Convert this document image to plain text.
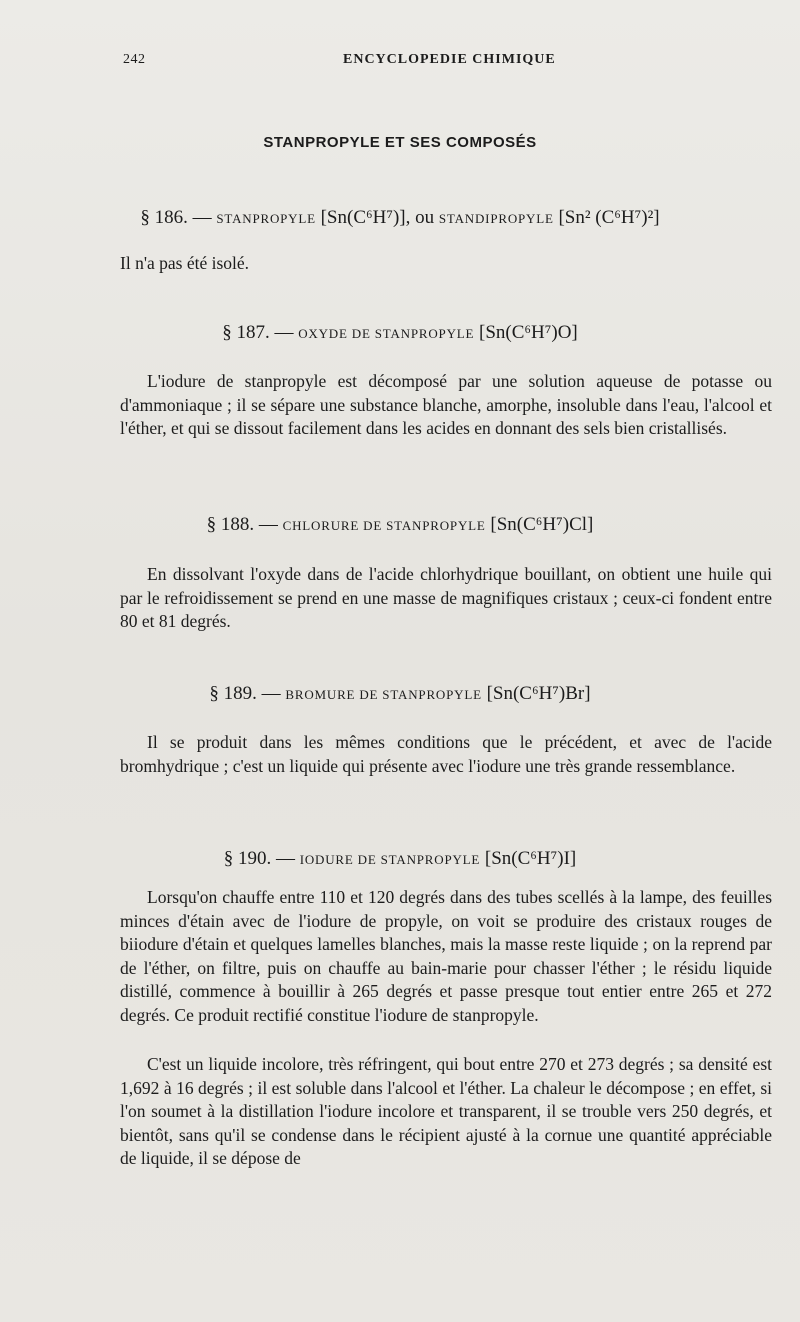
242	ENCYCLOPEDIE CHIMIQUE
STANPROPYLE ET SES COMPOSÉS
§ 186. — STANPROPYLE [Sn(C⁶H⁷)], ou STANDIPROPYLE [Sn² (C⁶H⁷)²]
Il n'a pas été isolé.
§ 187. — OXYDE DE STANPROPYLE [Sn(C⁶H⁷)O]
L'iodure de stanpropyle est décomposé par une solution aqueuse de potasse ou d'ammoniaque ; il se sépare une substance blanche, amorphe, insoluble dans l'eau, l'alcool et l'éther, et qui se dissout facilement dans les acides en donnant des sels bien cristallisés.
§ 188. — CHLORURE DE STANPROPYLE [Sn(C⁶H⁷)Cl]
En dissolvant l'oxyde dans de l'acide chlorhydrique bouillant, on obtient une huile qui par le refroidissement se prend en une masse de magnifiques cristaux ; ceux-ci fondent entre 80 et 81 degrés.
§ 189. — BROMURE DE STANPROPYLE [Sn(C⁶H⁷)Br]
Il se produit dans les mêmes conditions que le précédent, et avec de l'acide bromhydrique ; c'est un liquide qui présente avec l'iodure une très grande ressemblance.
§ 190. — IODURE DE STANPROPYLE [Sn(C⁶H⁷)I]
Lorsqu'on chauffe entre 110 et 120 degrés dans des tubes scellés à la lampe, des feuilles minces d'étain avec de l'iodure de propyle, on voit se produire des cristaux rouges de biiodure d'étain et quelques lamelles blanches, mais la masse reste liquide ; on la reprend par de l'éther, on filtre, puis on chauffe au bain-marie pour chasser l'éther ; le résidu liquide distillé, commence à bouillir à 265 degrés et passe presque tout entier entre 265 et 272 degrés. Ce produit rectifié constitue l'iodure de stanpropyle.
C'est un liquide incolore, très réfringent, qui bout entre 270 et 273 degrés ; sa densité est 1,692 à 16 degrés ; il est soluble dans l'alcool et l'éther. La chaleur le décompose ; en effet, si l'on soumet à la distillation l'iodure incolore et transparent, il se trouble vers 250 degrés, et bientôt, sans qu'il se condense dans le récipient ajusté à la cornue une quantité appréciable de liquide, il se dépose de
